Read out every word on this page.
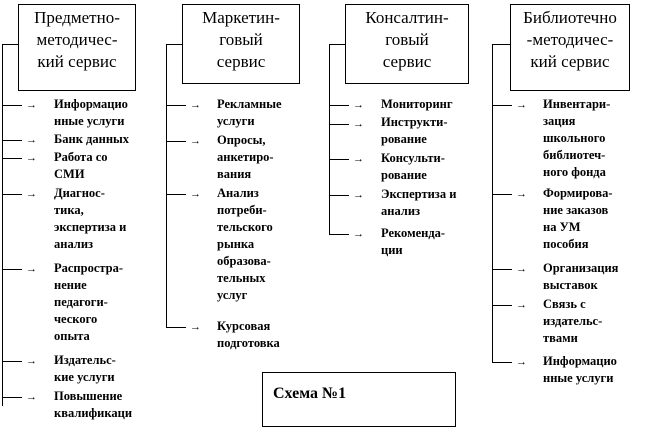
Предметно-
методичес-
кий сервис
→ Информацио
нные услуги
→ Банк данных
→ Работа со
СМИ
→ Диагнос-
тика,
экспертиза и
анализ
→ Распростра-
нение
педагоги-
ческого
опыта
→ Издательс-
кие услуги
→ Повышение
квалификаци
Маркетин-
говый
сервис
→ Рекламные
услуги
→ Опросы,
анкетиро-
вания
→ Анализ
потреби-
тельского
рынка
образова-
тельных
услуг
→ Курсовая
подготовка
Консалтин-
говый
сервис
→ Мониторинг
→ Инструкти-
рование
→ Консульти-
рование
→ Экспертиза и
анализ
→ Рекоменда-
ции
Библиотечно
-методичес-
кий сервис
→ Инвентари-
зация
школьного
библиотеч-
ного фонда
→ Формирова-
ние заказов
на УМ
пособия
→ Организация
выставок
→ Связь с
издательс-
твами
→ Информацио
нные услуги
Схема №1
